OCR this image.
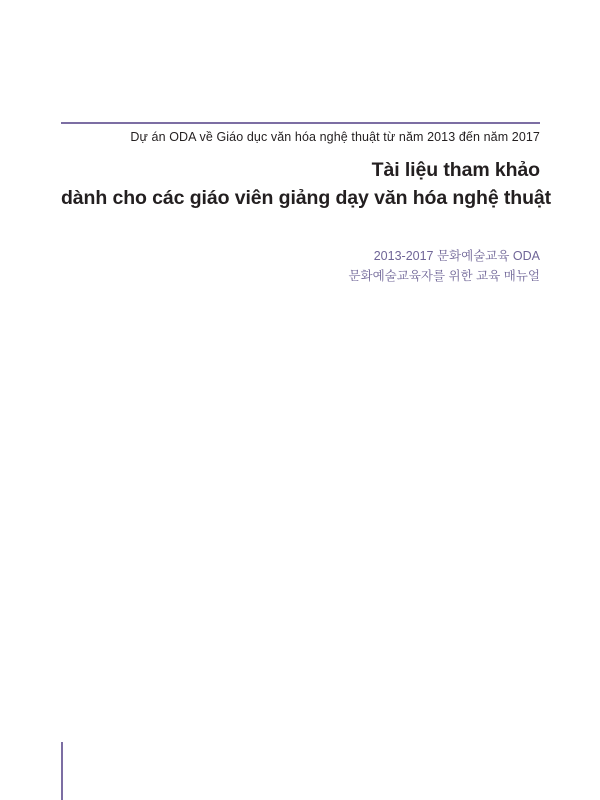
Dự án ODA về Giáo dục văn hóa nghệ thuật từ năm 2013 đến năm 2017

Tài liệu tham khảo
dành cho các giáo viên giảng dạy văn hóa nghệ thuật

2013-2017 문화예술교육 ODA

문화예술교육자를 위한 교육 매뉴얼
